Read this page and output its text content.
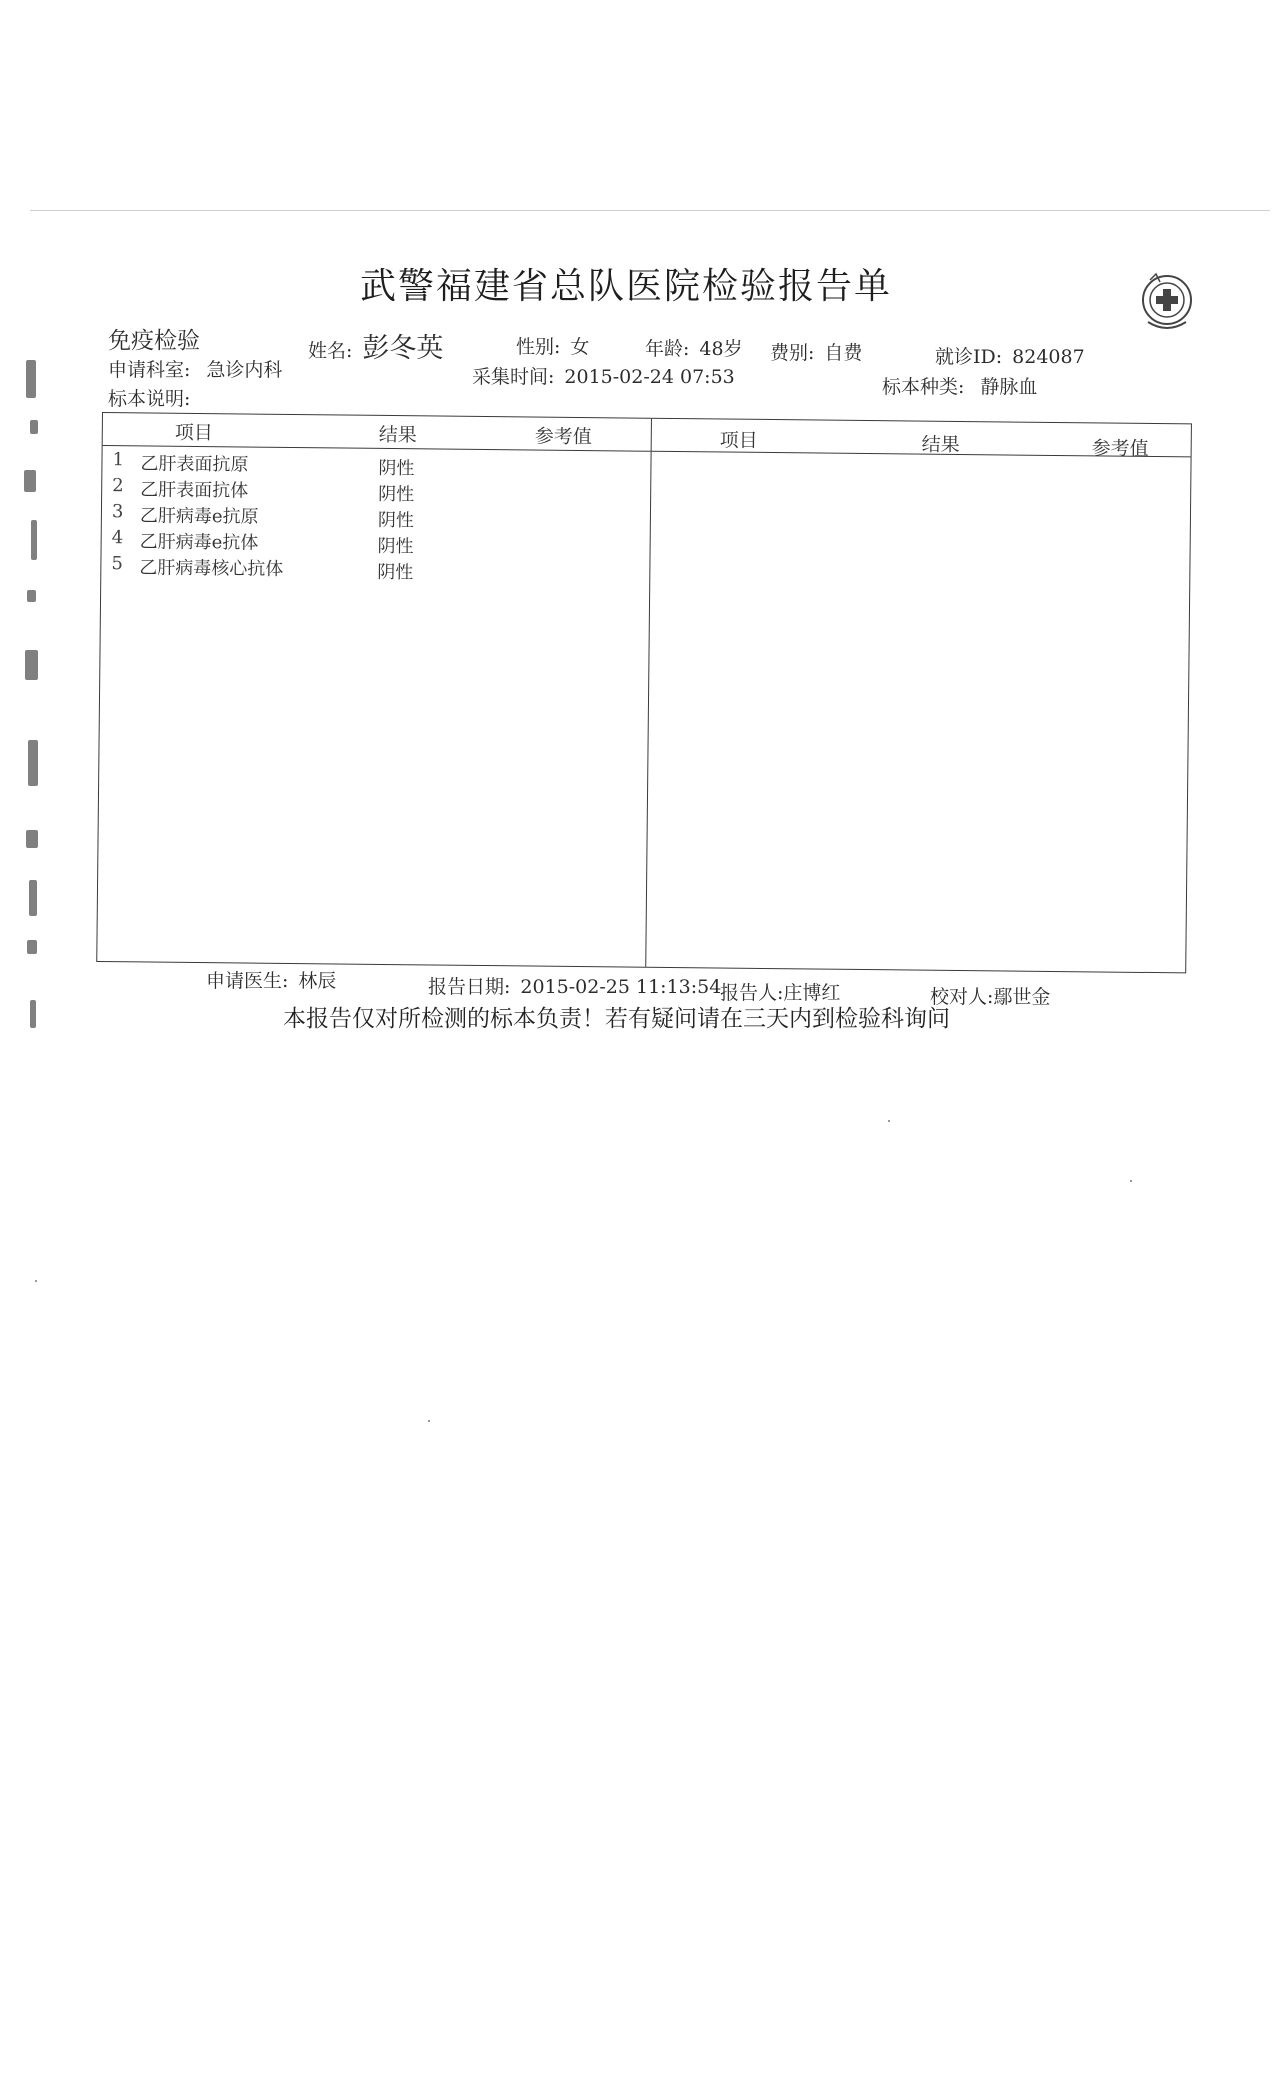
武警福建省总队医院检验报告单
免疫检验	姓名: 彭冬英	性别: 女	年龄: 48岁 费别: 自费	就诊ID: 824087
申请科室: 急诊内科	采集时间: 2015-02-24 07:53
标本说明:
标本种类: 静脉血
项目	结果	参考值
1 乙肝表面抗原	阴性
2 乙肝表面抗体	阴性
3 乙肝病毒e抗原	阴性
4 乙肝病毒e抗体	阴性
5 乙肝病毒核心抗体	阴性
项目	结果	参考值
申请医生: 林辰	报告日期: 2015-02-25 11:13:54
报告人:庄博红	校对人:鄢世金
本报告仅对所检测的标本负责！若有疑问请在三天内到检验科询问
